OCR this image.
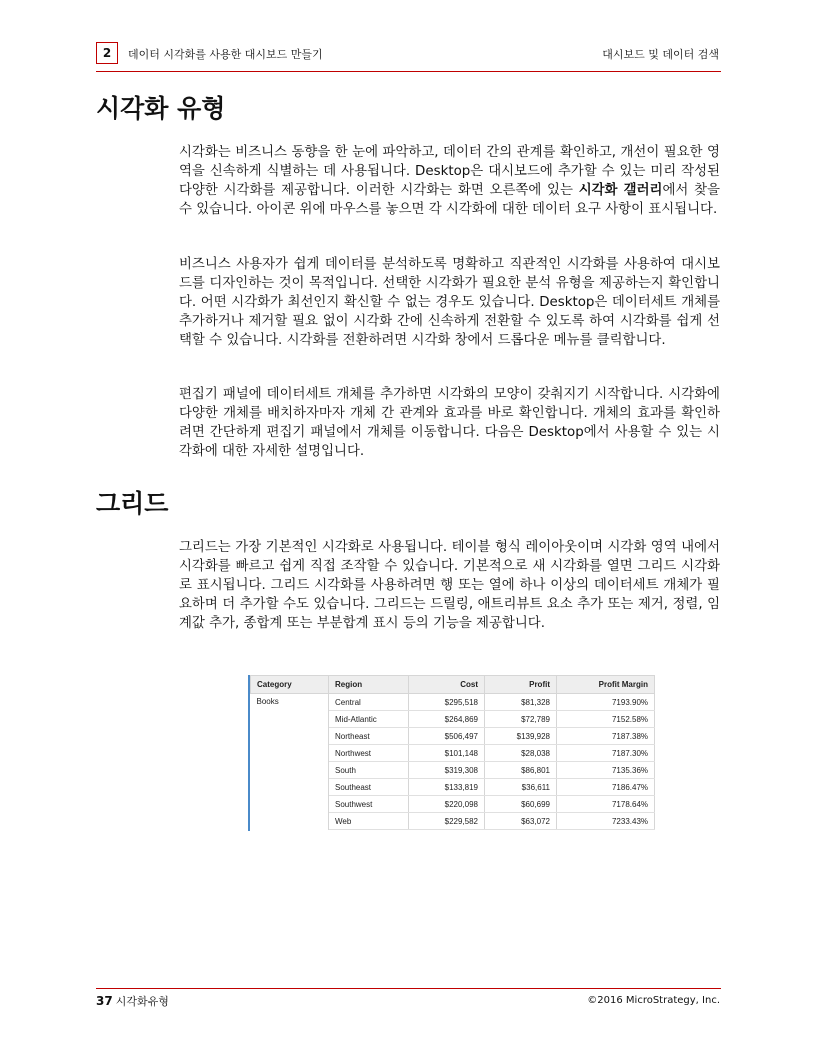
2	데이터 시각화를 사용한 대시보드 만들기	대시보드 및 데이터 검색
시각화 유형

시각화는 비즈니스 동향을 한 눈에 파악하고, 데이터 간의 관계를 확인하고, 개선이 필요한 영역을 신속하게 식별하는 데 사용됩니다. Desktop은 대시보드에 추가할 수 있는 미리 작성된 다양한 시각화를 제공합니다. 이러한 시각화는 화면 오른쪽에 있는 시각화 갤러리에서 찾을 수 있습니다. 아이콘 위에 마우스를 놓으면 각 시각화에 대한 데이터 요구 사항이 표시됩니다.

비즈니스 사용자가 쉽게 데이터를 분석하도록 명확하고 직관적인 시각화를 사용하여 대시보드를 디자인하는 것이 목적입니다. 선택한 시각화가 필요한 분석 유형을 제공하는지 확인합니다. 어떤 시각화가 최선인지 확신할 수 없는 경우도 있습니다. Desktop은 데이터세트 개체를 추가하거나 제거할 필요 없이 시각화 간에 신속하게 전환할 수 있도록 하여 시각화를 쉽게 선택할 수 있습니다. 시각화를 전환하려면 시각화 창에서 드롭다운 메뉴를 클릭합니다.

편집기 패널에 데이터세트 개체를 추가하면 시각화의 모양이 갖춰지기 시작합니다. 시각화에 다양한 개체를 배치하자마자 개체 간 관계와 효과를 바로 확인합니다. 개체의 효과를 확인하려면 간단하게 편집기 패널에서 개체를 이동합니다. 다음은 Desktop에서 사용할 수 있는 시각화에 대한 자세한 설명입니다.

그리드

그리드는 가장 기본적인 시각화로 사용됩니다. 테이블 형식 레이아웃이며 시각화 영역 내에서 시각화를 빠르고 쉽게 직접 조작할 수 있습니다. 기본적으로 새 시각화를 열면 그리드 시각화로 표시됩니다. 그리드 시각화를 사용하려면 행 또는 열에 하나 이상의 데이터세트 개체가 필요하며 더 추가할 수도 있습니다. 그리드는 드릴링, 애트리뷰트 요소 추가 또는 제거, 정렬, 임계값 추가, 종합계 또는 부분합계 표시 등의 기능을 제공합니다.

Category	Region	Cost	Profit	Profit Margin
Books	Central	$295,518	$81,328	7193.90%
	Mid-Atlantic	$264,869	$72,789	7152.58%
	Northeast	$506,497	$139,928	7187.38%
	Northwest	$101,148	$28,038	7187.30%
	South	$319,308	$86,801	7135.36%
	Southeast	$133,819	$36,611	7186.47%
	Southwest	$220,098	$60,699	7178.64%
	Web	$229,582	$63,072	7233.43%
37 시각화유형	©2016 MicroStrategy, Inc.
